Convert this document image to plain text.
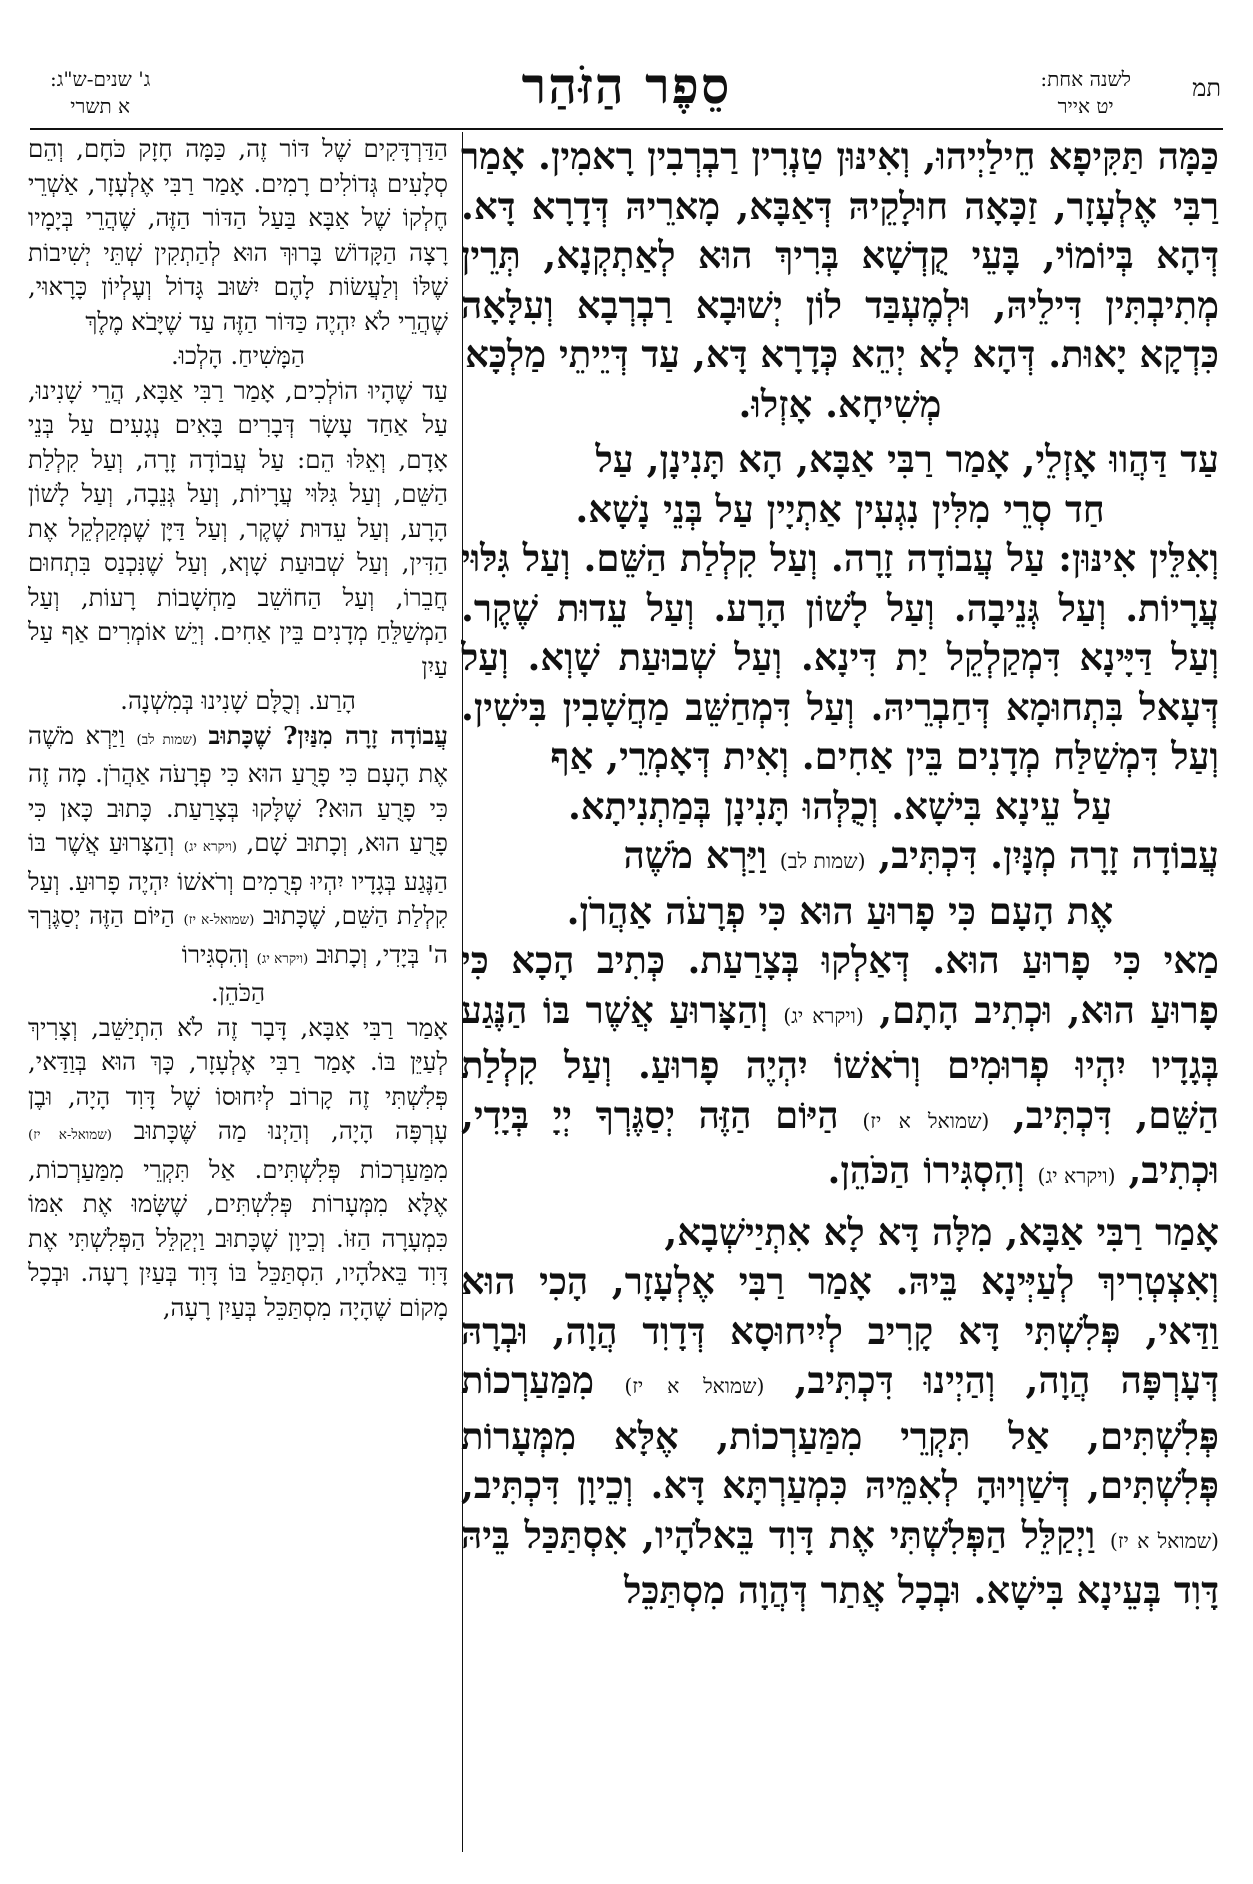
תמ
לשנה אחת:
יט אייר
סֵפֶר הַזֹּהַר
ג' שנים-ש"ג:
א תשרי

כַּמָּה תַּקִּיפָא חֵילַיְיהוּ, וְאִינּוּן טַנְרִין רַבְרְבִין רָאמִין. אָמַר רַבִּי אֶלְעָזָר, זַכָּאָה חוּלָקֵיהּ דְּאַבָּא, מָארֵיהּ דְּדָרָא דָּא. דְּהָא בְּיוֹמוֹי, בָּעֵי קֻדְשָׁא בְּרִיךְ הוּא לְאַתְקְנָא, תְּרֵין מְתִיבְתִּין דִּילֵיהּ, וּלְמֶעְבַּד לוֹן יְשׁוּבָא רַבְרְבָא וְעִלָּאָה כִּדְקָא יָאוּת. דְּהָא לָא יְהֵא כְּדָרָא דָּא, עַד דְּיֵיתֵי מַלְכָּא

מְשִׁיחָא. אָזְלוּ.

עַד דַּהֲווּ אָזְלֵי, אָמַר רַבִּי אַבָּא, הָא תָּנִינָן, עַל

חַד סְרֵי מִלִּין נִגְעִין אַתְיָין עַל בְּנֵי נָשָׁא.

וְאִלֵּין אִינּוּן: עַל עֲבוֹדָה זָרָה. וְעַל קִלְלַת הַשֵּׁם. וְעַל גִּלּוּי עֲרָיוֹת. וְעַל גְּנֵיבָה. וְעַל לָשׁוֹן הָרָע. וְעַל עֵדוּת שֶׁקֶר. וְעַל דַּיָּינָא דִּמְקַלְקֵל יַת דִּינָא. וְעַל שְׁבוּעַת שָׁוְא. וְעַל דְּעָאל בִּתְחוּמָא דְּחַבְרֵיהּ. וְעַל דִּמְחַשֵּׁב מַחֲשָׁבִין בִּישִׁין. וְעַל דִּמְשַׁלַּח מְדָנִים בֵּין אַחִים. וְאִית דְּאָמְרֵי, אַף

עַל עֵינָא בִּישָׁא. וְכֻלְּהוּ תָּנִינָן בְּמַתְנִיתָא.

עֲבוֹדָה זָרָה מְנָּיִן. דִּכְתִּיב, (שמות לב) וַיַּרְא מֹשֶׁה

אֶת הָעָם כִּי פָרוּעַ הוּא כִּי פְרָעֹה אַהֲרֹן.

מַאי כִּי פָרוּעַ הוּא. דְּאַלְקוּ בְּצָרַעַת. כְּתִיב הָכָא כִּי פָרוּעַ הוּא, וּכְתִיב הָתָם, (ויקרא יג) וְהַצָּרוּעַ אֲשֶׁר בּוֹ הַנֶּגַע בְּגָדָיו יִהְיוּ פְרוּמִים וְרֹאשׁוֹ יִהְיֶה פָרוּעַ. וְעַל קִלְלַת הַשֵּׁם, דִּכְתִּיב, (שמואל א יז) הַיּוֹם הַזֶּה יְסַגֶּרְךָ יְיָ בְּיָדִי, וּכְתִיב, (ויקרא יג) וְהִסְגִּירוֹ הַכֹּהֵן.

אָמַר רַבִּי אַבָּא, מִלָּה דָּא לָא אִתְיַישְׁבָא,

וְאִצְטְרִיךְ לְעַיְּינָא בֵּיהּ. אָמַר רַבִּי אֶלְעָזָר, הָכִי הוּא וַדַּאי, פְּלִשְׁתִּי דָּא קָרִיב לְיִיחוּסָא דְּדָוִד הֲוָה, וּבְרָהּ דְּעָרְפָּה הֲוָה, וְהַיְינוּ דִּכְתִּיב, (שמואל א יז) מִמַּעַרְכוֹת פְּלִשְׁתִּים, אַל תִּקְרֵי מִמַּעַרְכוֹת, אֶלָּא מִמְּעָרוֹת פְּלִשְׁתִּים, דְּשַׁוְיוּהָ לְאִמֵּיהּ כִּמְעַרְתָּא דָּא. וְכֵיוָן דִּכְתִּיב, (שמואל א יז) וַיְקַלֵּל הַפְּלִשְׁתִּי אֶת דָּוִד בֵּאלֹהָיו, אִסְתַּכַּל בֵּיהּ דָּוִד בְּעֵינָא בִּישָׁא. וּבְכָל אֲתַר דְּהֲוָה מִסְתַּכֵּל

הַדַּרְדָּקִים שֶׁל דּוֹר זֶה, כַּמָּה חָזָק כֹּחָם, וְהֵם סְלָעִים גְּדוֹלִים רָמִים. אָמַר רַבִּי אֶלְעָזָר, אַשְׁרֵי חֶלְקוֹ שֶׁל אַבָּא בַּעַל הַדּוֹר הַזֶּה, שֶׁהֲרֵי בְּיָמָיו רָצָה הַקָּדוֹשׁ בָּרוּךְ הוּא לְהַתְקִין שְׁתֵּי יְשִׁיבוֹת שֶׁלּוֹ וְלַעֲשׂוֹת לָהֶם יִשּׁוּב גָּדוֹל וְעֶלְיוֹן כָּרָאוּי, שֶׁהֲרֵי לֹא יִהְיֶה כַּדּוֹר הַזֶּה עַד שֶׁיָּבֹא מֶלֶךְ

הַמָּשִׁיחַ. הָלְכוּ.

עַד שֶׁהָיוּ הוֹלְכִים, אָמַר רַבִּי אַבָּא, הֲרֵי שָׁנִינוּ, עַל אַחַד עָשָׂר דְּבָרִים בָּאִים נְגָעִים עַל בְּנֵי אָדָם, וְאֵלּוּ הֵם: עַל עֲבוֹדָה זָרָה, וְעַל קִלְלַת הַשֵּׁם, וְעַל גִּלּוּי עֲרָיוֹת, וְעַל גְּנֵבָה, וְעַל לָשׁוֹן הָרָע, וְעַל עֵדוּת שֶׁקֶר, וְעַל דַּיָּן שֶׁמְּקַלְקֵל אֶת הַדִּין, וְעַל שְׁבוּעַת שָׁוְא, וְעַל שֶׁנִּכְנַס בִּתְחוּם חֲבֵרוֹ, וְעַל הַחוֹשֵׁב מַחְשָׁבוֹת רָעוֹת, וְעַל הַמְשַׁלֵּחַ מְדָנִים בֵּין אַחִים. וְיֵשׁ אוֹמְרִים אַף עַל עַיִן

הָרַע. וְכֻלָּם שָׁנִינוּ בְּמִשְׁנָה.

עֲבוֹדָה זָרָה מִנַּיִן? שֶׁכָּתוּב (שמות לב) וַיַּרְא מֹשֶׁה אֶת הָעָם כִּי פָרֻעַ הוּא כִּי פְרָעֹה אַהֲרֹן. מָה זֶה כִּי פָרֻעַ הוּא? שֶׁלָּקוּ בְּצָרַעַת. כָּתוּב כָּאן כִּי פָרֻעַ הוּא, וְכָתוּב שָׁם, (ויקרא יג) וְהַצָּרוּעַ אֲשֶׁר בּוֹ הַנֶּגַע בְּגָדָיו יִהְיוּ פְרֻמִים וְרֹאשׁוֹ יִהְיֶה פָרוּעַ. וְעַל קִלְלַת הַשֵּׁם, שֶׁכָּתוּב (שמואל-א יז) הַיּוֹם הַזֶּה יְסַגֶּרְךָ ה' בְּיָדִי, וְכָתוּב (ויקרא יג) וְהִסְגִּירוֹ

הַכֹּהֵן.

אָמַר רַבִּי אַבָּא, דָּבָר זֶה לֹא הִתְיַשֵּׁב, וְצָרִיךְ לְעַיֵּן בּוֹ. אָמַר רַבִּי אֶלְעָזָר, כָּךְ הוּא בְּוַדַּאי, פְּלִשְׁתִּי זֶה קָרוֹב לְיִחוּסוֹ שֶׁל דָּוִד הָיָה, וּבֶן עָרְפָּה הָיָה, וְהַיְנוּ מַה שֶּׁכָּתוּב (שמואל-א יז) מִמַּעַרְכוֹת פְּלִשְׁתִּים. אַל תִּקְרֵי מִמַּעַרְכוֹת, אֶלָּא מִמְּעָרוֹת פְּלִשְׁתִּים, שֶׁשָּׂמוּ אֶת אִמּוֹ כִּמְעָרָה הַזּוֹ. וְכֵיוָן שֶׁכָּתוּב וַיְקַלֵּל הַפְּלִשְׁתִּי אֶת דָּוִד בֵּאלֹהָיו, הִסְתַּכֵּל בּוֹ דָּוִד בְּעַיִן רָעָה. וּבְכָל מָקוֹם שֶׁהָיָה מִסְתַּכֵּל בְּעַיִן רָעָה,
